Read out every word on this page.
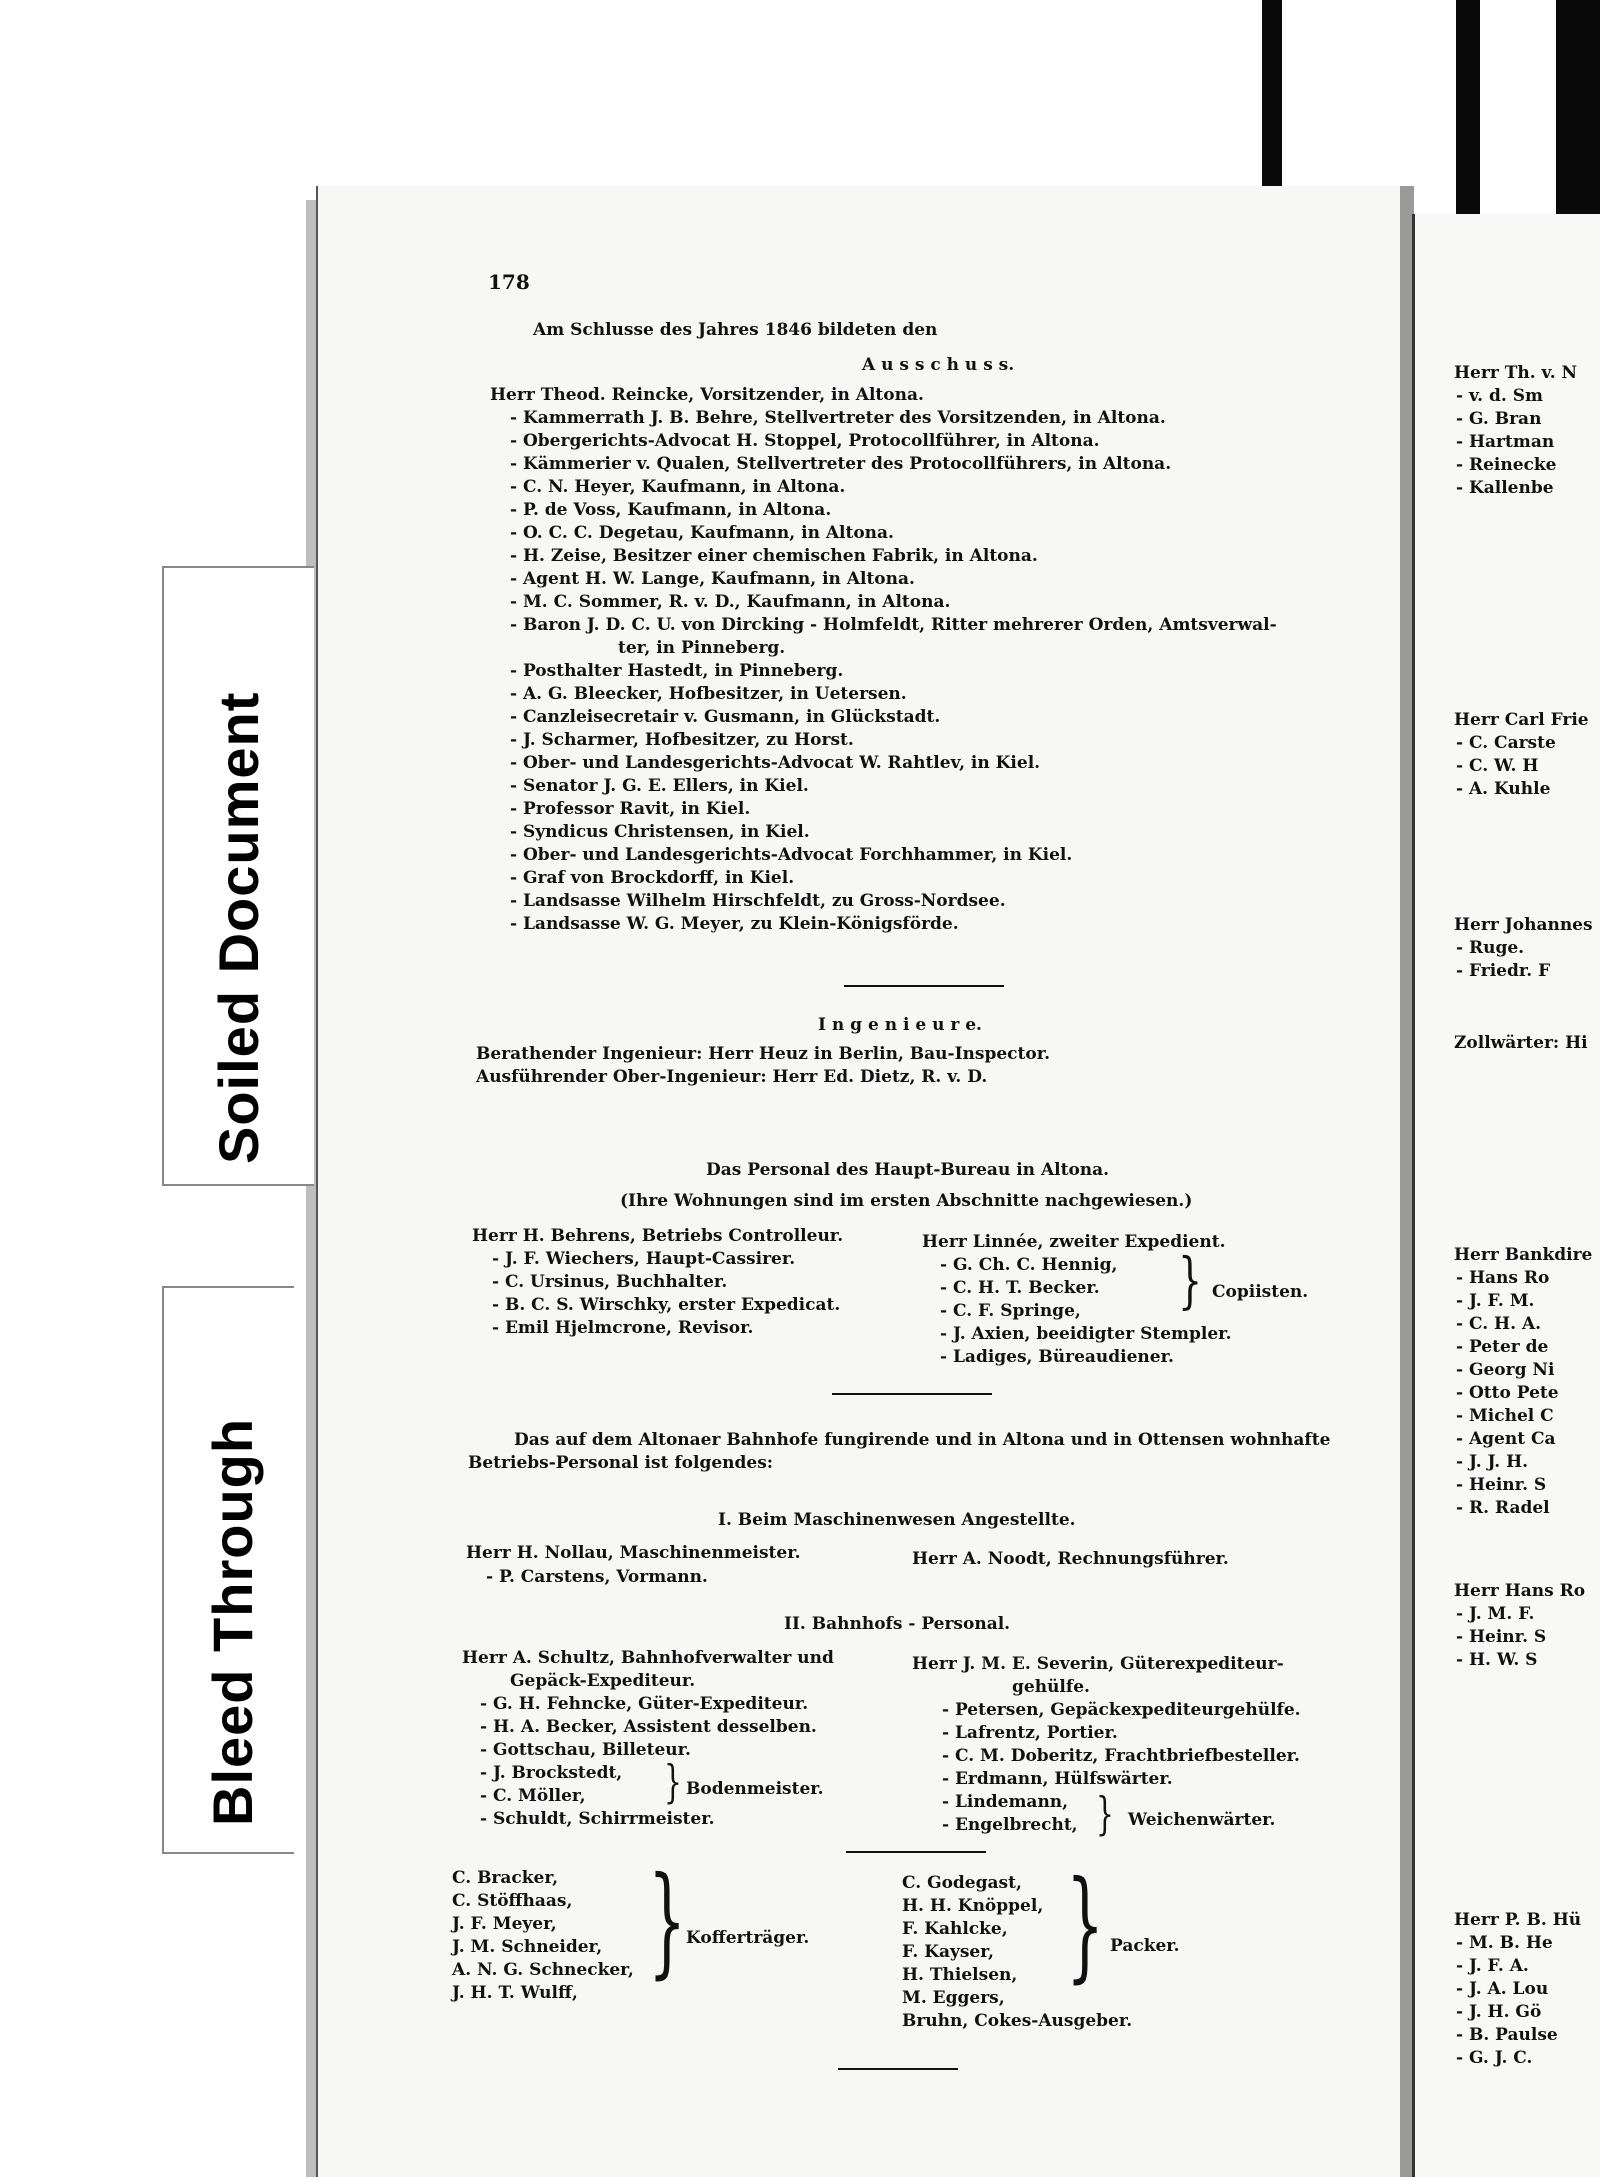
Soiled Document
Bleed Through
178
Am Schlusse des Jahres 1846 bildeten den
A u s s c h u s s.
Herr Theod. Reincke, Vorsitzender, in Altona.
- Kammerrath J. B. Behre, Stellvertreter des Vorsitzenden, in Altona.
- Obergerichts-Advocat H. Stoppel, Protocollführer, in Altona.
- Kämmerier v. Qualen, Stellvertreter des Protocollführers, in Altona.
- C. N. Heyer, Kaufmann, in Altona.
- P. de Voss, Kaufmann, in Altona.
- O. C. C. Degetau, Kaufmann, in Altona.
- H. Zeise, Besitzer einer chemischen Fabrik, in Altona.
- Agent H. W. Lange, Kaufmann, in Altona.
- M. C. Sommer, R. v. D., Kaufmann, in Altona.
- Baron J. D. C. U. von Dircking - Holmfeldt, Ritter mehrerer Orden, Amtsverwal-
ter, in Pinneberg.
- Posthalter Hastedt, in Pinneberg.
- A. G. Bleecker, Hofbesitzer, in Uetersen.
- Canzleisecretair v. Gusmann, in Glückstadt.
- J. Scharmer, Hofbesitzer, zu Horst.
- Ober- und Landesgerichts-Advocat W. Rahtlev, in Kiel.
- Senator J. G. E. Ellers, in Kiel.
- Professor Ravit, in Kiel.
- Syndicus Christensen, in Kiel.
- Ober- und Landesgerichts-Advocat Forchhammer, in Kiel.
- Graf von Brockdorff, in Kiel.
- Landsasse Wilhelm Hirschfeldt, zu Gross-Nordsee.
- Landsasse W. G. Meyer, zu Klein-Königsförde.
I n g e n i e u r e.
Berathender Ingenieur: Herr Heuz in Berlin, Bau-Inspector.
Ausführender Ober-Ingenieur: Herr Ed. Dietz, R. v. D.
Das Personal des Haupt-Bureau in Altona.
(Ihre Wohnungen sind im ersten Abschnitte nachgewiesen.)
Herr H. Behrens, Betriebs Controlleur.
- J. F. Wiechers, Haupt-Cassirer.
- C. Ursinus, Buchhalter.
- B. C. S. Wirschky, erster Expedicat.
- Emil Hjelmcrone, Revisor.
Herr Linnée, zweiter Expedient.
- G. Ch. C. Hennig,
- C. H. T. Becker.
- C. F. Springe,
- J. Axien, beeidigter Stempler.
- Ladiges, Büreaudiener.
} Copiisten.
Das auf dem Altonaer Bahnhofe fungirende und in Altona und in Ottensen wohnhafte
Betriebs-Personal ist folgendes:
I. Beim Maschinenwesen Angestellte.
Herr H. Nollau, Maschinenmeister.
- P. Carstens, Vormann.
Herr A. Noodt, Rechnungsführer.
II. Bahnhofs - Personal.
Herr A. Schultz, Bahnhofverwalter und
Gepäck-Expediteur.
- G. H. Fehncke, Güter-Expediteur.
- H. A. Becker, Assistent desselben.
- Gottschau, Billeteur.
- J. Brockstedt,
- C. Möller,
- Schuldt, Schirrmeister.
} Bodenmeister.
Herr J. M. E. Severin, Güterexpediteur-
gehülfe.
- Petersen, Gepäckexpediteurgehülfe.
- Lafrentz, Portier.
- C. M. Doberitz, Frachtbriefbesteller.
- Erdmann, Hülfswärter.
- Lindemann,
- Engelbrecht, } Weichenwärter.
C. Bracker,
C. Stöffhaas,
J. F. Meyer,
J. M. Schneider,
A. N. G. Schnecker,
J. H. T. Wulff,
} Kofferträger.
C. Godegast,
H. H. Knöppel,
F. Kahlcke,
F. Kayser,
H. Thielsen,
M. Eggers,
Bruhn, Cokes-Ausgeber.
} Packer.
Herr Th. v. N
- v. d. Sm
- G. Bran
- Hartman
- Reinecke
- Kallenbe
Herr Carl Frie
- C. Carste
- C. W. H
- A. Kuhle
Herr Johannes
- Ruge.
- Friedr. F
Zollwärter: Hi
Herr Bankdire
- Hans Ro
- J. F. M.
- C. H. A.
- Peter de
- Georg Ni
- Otto Pete
- Michel C
- Agent Ca
- J. J. H.
- Heinr. S
- R. Radel
Herr Hans Ro
- J. M. F.
- Heinr. S
- H. W. S
Herr P. B. Hü
- M. B. He
- J. F. A.
- J. A. Lou
- J. H. Gö
- B. Paulse
- G. J. C.
